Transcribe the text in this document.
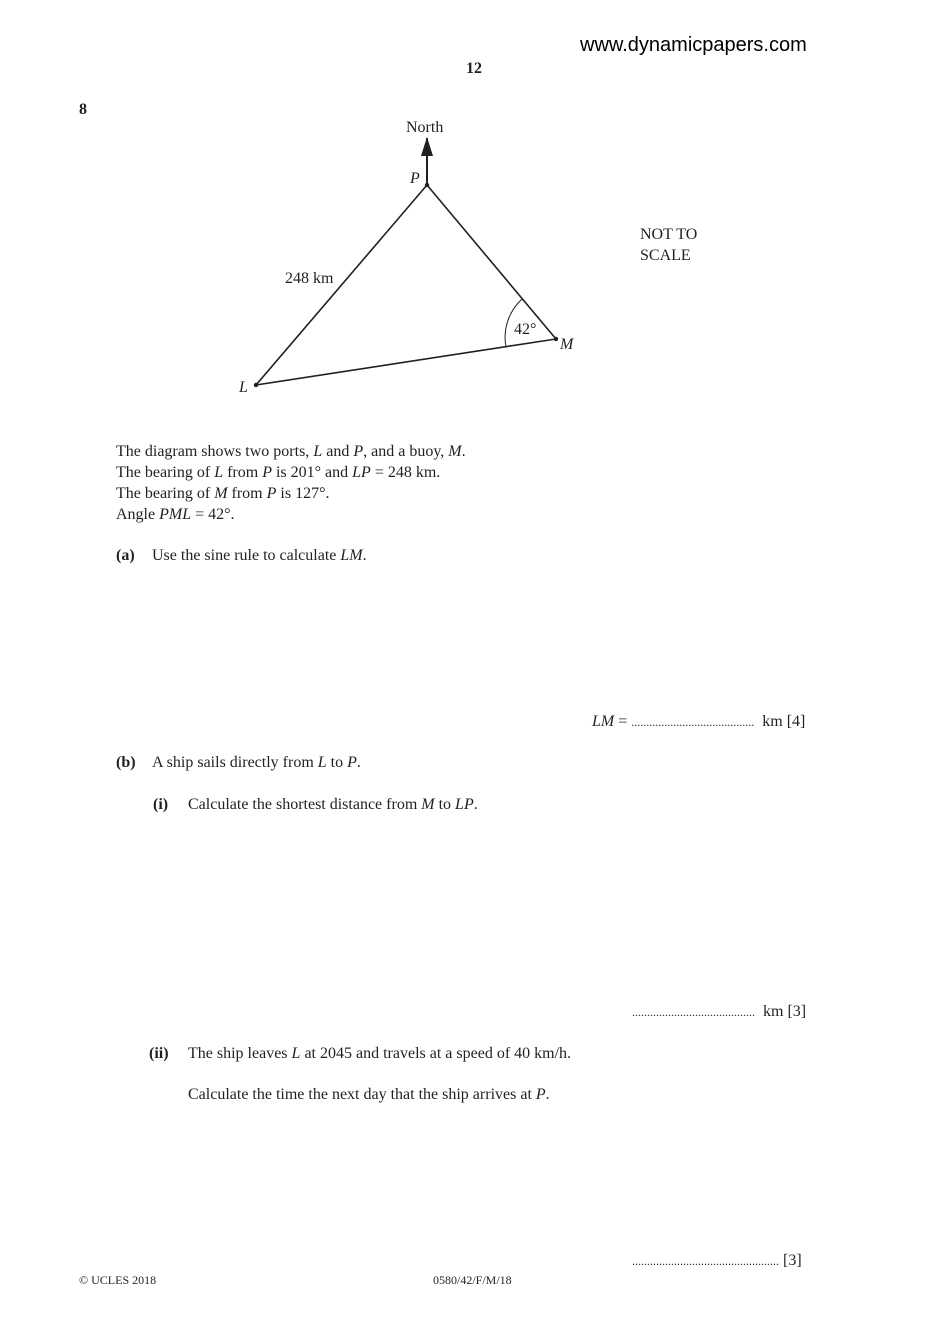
www.dynamicpapers.com
12
8
North
P
L
M
248 km
42°
NOT TO
SCALE
The diagram shows two ports, L and P, and a buoy, M.
The bearing of L from P is 201° and LP = 248 km.
The bearing of M from P is 127°.
Angle PML = 42°.
(a) Use the sine rule to calculate LM.
LM = ......................................... km [4]
(b) A ship sails directly from L to P.
(i) Calculate the shortest distance from M to LP.
......................................... km [3]
(ii) The ship leaves L at 2045 and travels at a speed of 40 km/h.
Calculate the time the next day that the ship arrives at P.
................................................. [3]
© UCLES 2018	0580/42/F/M/18
